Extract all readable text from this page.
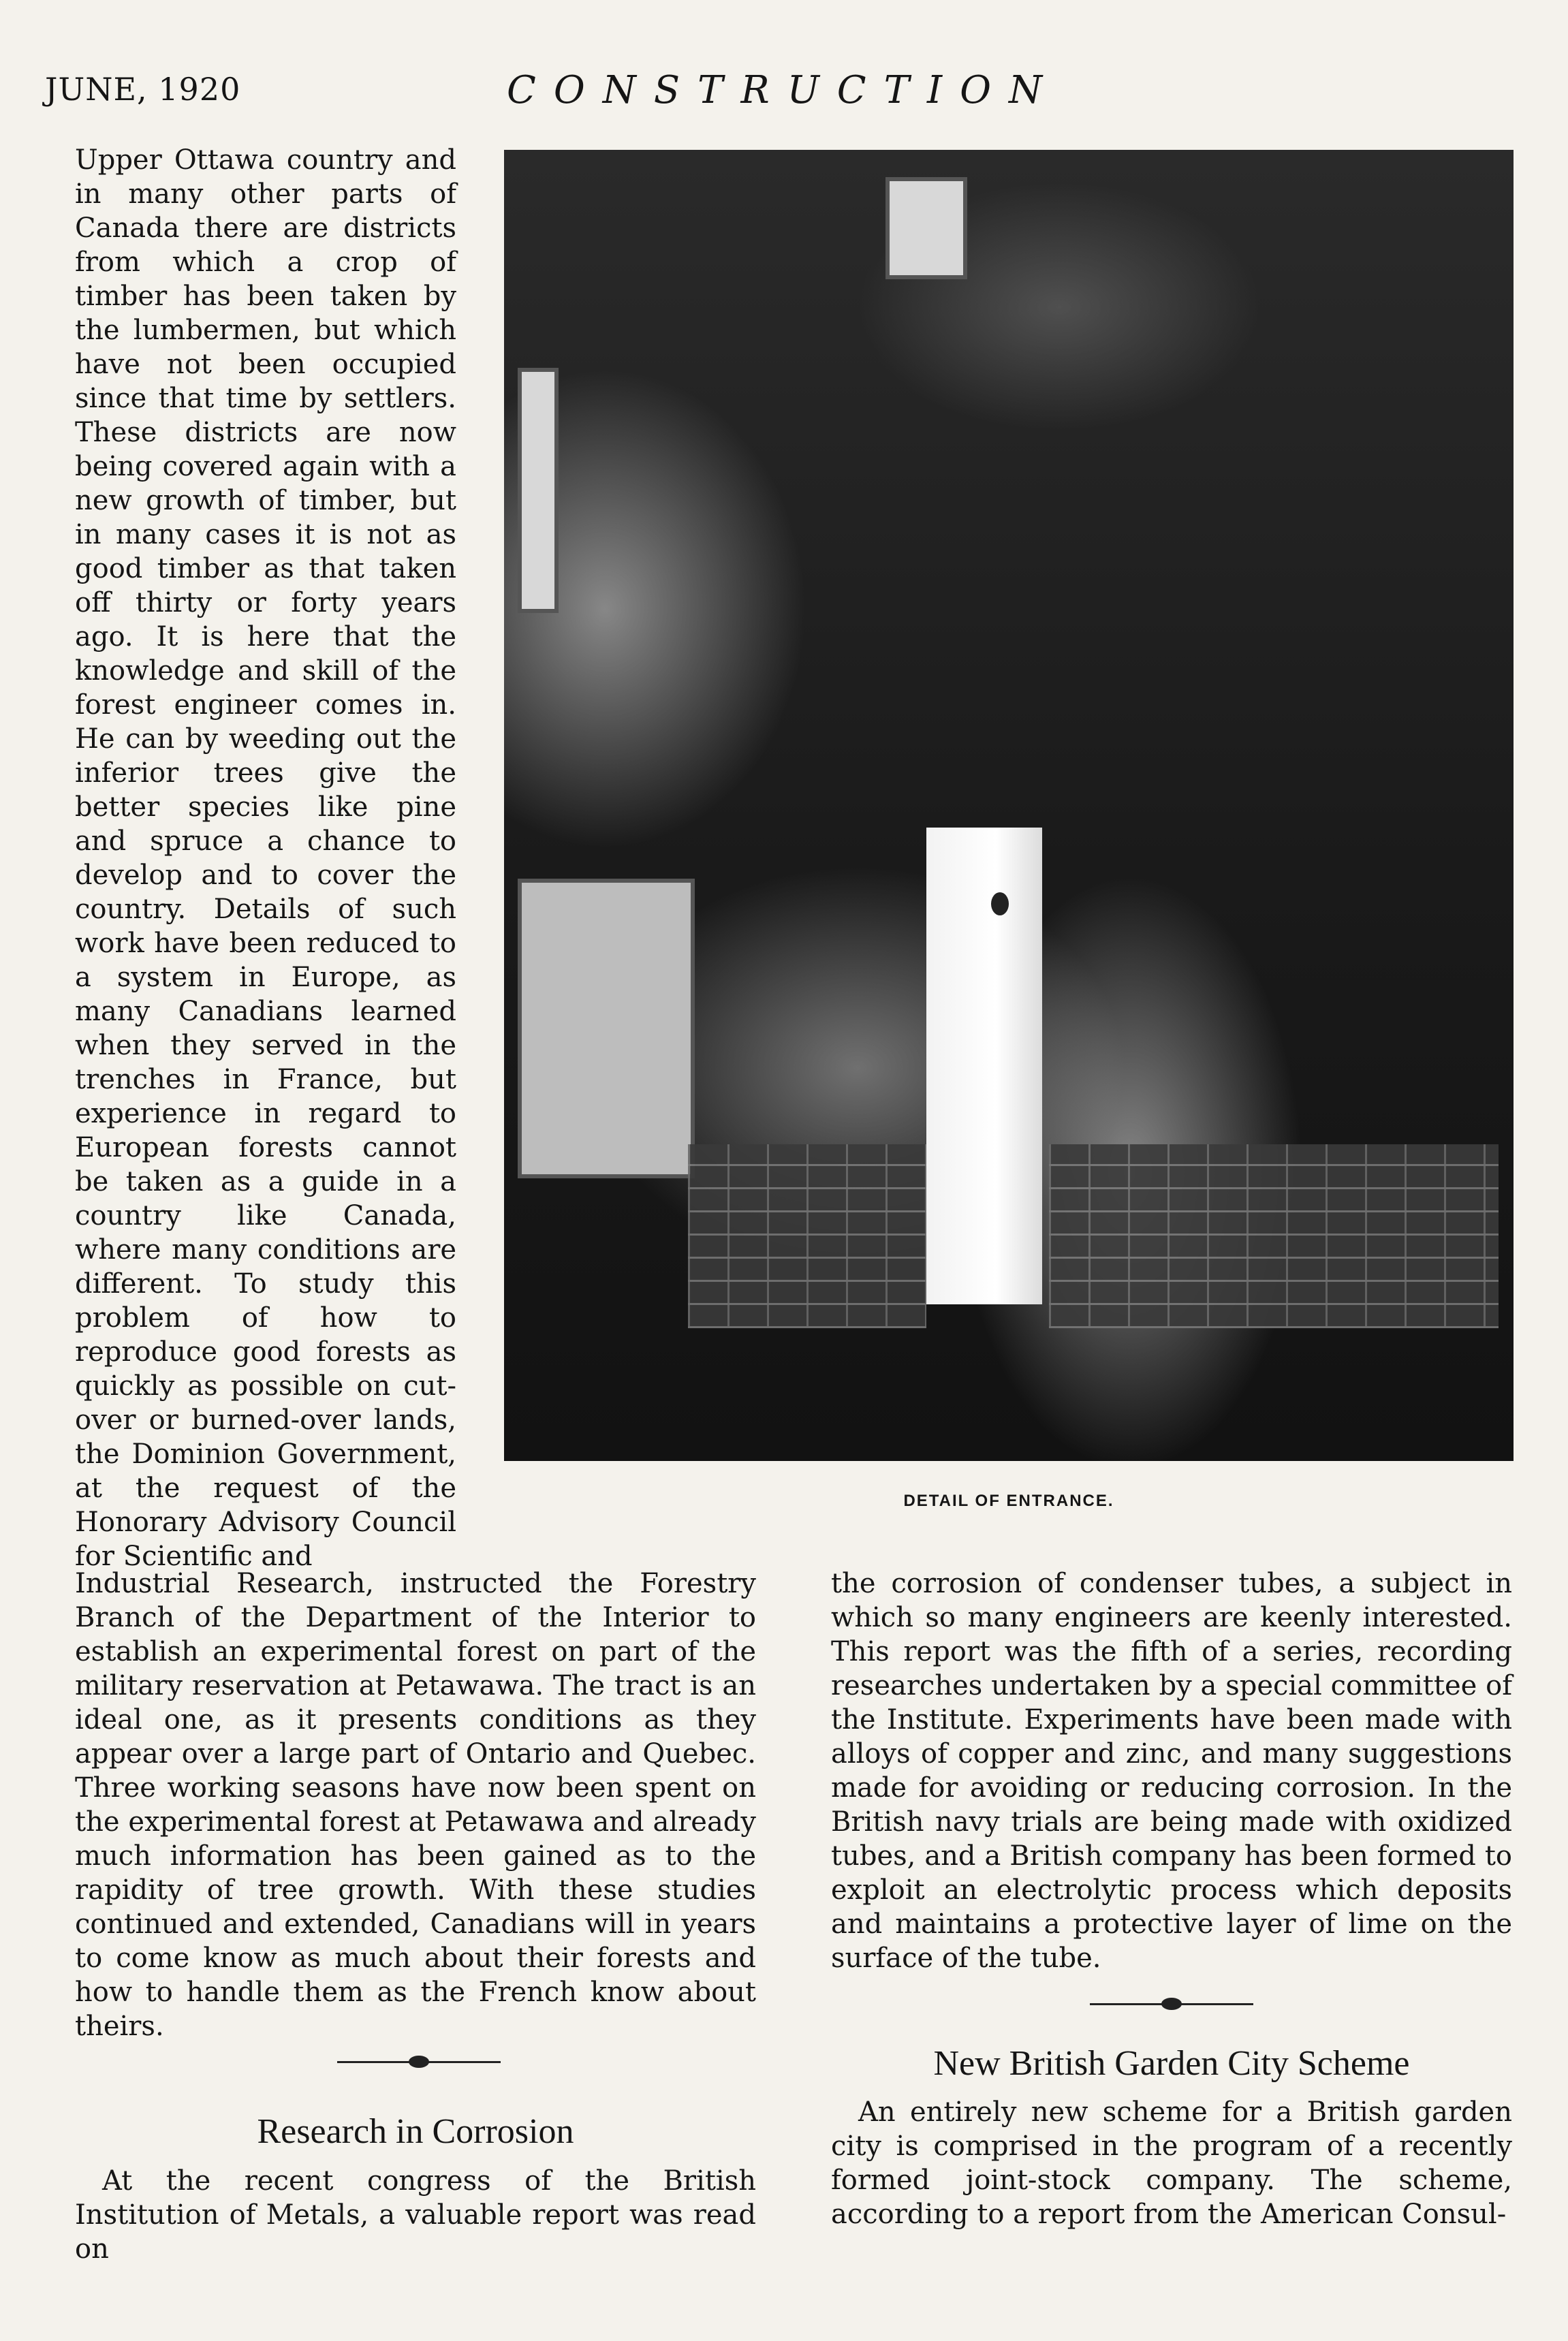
JUNE, 1920	CONSTRUCTION
Upper Ottawa country and in many other parts of Canada there are districts from which a crop of timber has been taken by the lumbermen, but which have not been occupied since that time by settlers. These districts are now being covered again with a new growth of timber, but in many cases it is not as good timber as that taken off thirty or forty years ago. It is here that the knowledge and skill of the forest engineer comes in. He can by weeding out the inferior trees give the better species like pine and spruce a chance to develop and to cover the country. Details of such work have been reduced to a system in Europe, as many Canadians learned when they served in the trenches in France, but experience in regard to European forests cannot be taken as a guide in a country like Canada, where many conditions are different. To study this problem of how to reproduce good forests as quickly as possible on cut-over or burned-over lands, the Dominion Government, at the request of the Honorary Advisory Council for Scientific and
DETAIL OF ENTRANCE.
Industrial Research, instructed the Forestry Branch of the Department of the Interior to establish an experimental forest on part of the military reservation at Petawawa. The tract is an ideal one, as it presents conditions as they appear over a large part of Ontario and Quebec. Three working seasons have now been spent on the experimental forest at Petawawa and already much information has been gained as to the rapidity of tree growth. With these studies continued and extended, Canadians will in years to come know as much about their forests and how to handle them as the French know about theirs.
Research in Corrosion
At the recent congress of the British Institution of Metals, a valuable report was read on
the corrosion of condenser tubes, a subject in which so many engineers are keenly interested. This report was the fifth of a series, recording researches undertaken by a special committee of the Institute. Experiments have been made with alloys of copper and zinc, and many suggestions made for avoiding or reducing corrosion. In the British navy trials are being made with oxidized tubes, and a British company has been formed to exploit an electrolytic process which deposits and maintains a protective layer of lime on the surface of the tube.
New British Garden City Scheme
An entirely new scheme for a British garden city is comprised in the program of a recently formed joint-stock company. The scheme, according to a report from the American Consul-
